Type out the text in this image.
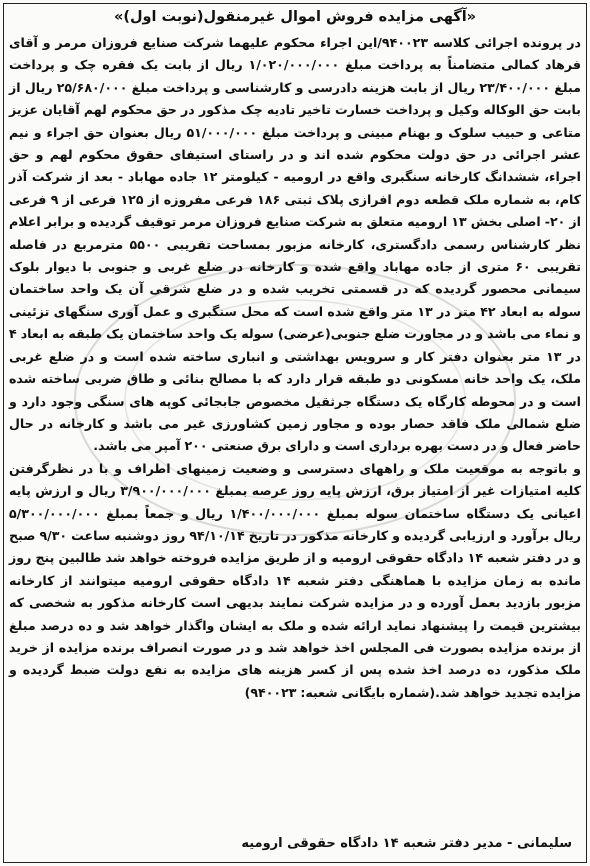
«آگهی مزایده فروش اموال غیرمنقول(نوبت اول)»

در پرونده اجرائی کلاسه ۹۴۰۰۲۳/این اجراء محکوم علیهما شرکت صنایع فروزان مرمر و آقای فرهاد کمالی متضامناً به پرداخت مبلغ ۱/۰۲۰/۰۰۰/۰۰۰ ریال از بابت یک فقره چک و پرداخت مبلغ ۲۳/۴۰۰/۰۰۰ ریال از بابت هزینه دادرسی و کارشناسی و پرداخت مبلغ ۲۵/۶۸۰/۰۰۰ ریال از بابت حق الوکاله وکیل و پرداخت خسارت تاخیر تادیه چک مذکور در حق محکوم لهم آقایان عزیز متاعی و حبیب سلوک و بهنام مبینی و پرداخت مبلغ ۵۱/۰۰۰/۰۰۰ ریال بعنوان حق اجراء و نیم عشر اجرائی در حق دولت محکوم شده اند و در راستای استیفای حقوق محکوم لهم و حق اجراء، ششدانگ کارخانه سنگبری واقع در ارومیه - کیلومتر ۱۲ جاده مهاباد - بعد از شرکت آذر کام، به شماره ملک قطعه دوم افرازی پلاک ثبتی ۱۸۶ فرعی مفروزه از ۱۲۵ فرعی از ۹ فرعی از ۲۰- اصلی بخش ۱۳ ارومیه متعلق به شرکت صنایع فروزان مرمر توقیف گردیده و برابر اعلام نظر کارشناس رسمی دادگستری، کارخانه مزبور بمساحت تقریبی ۵۵۰۰ مترمربع در فاصله تقریبی ۶۰ متری از جاده مهاباد واقع شده و کارخانه در ضلع غربی و جنوبی با دیوار بلوک سیمانی محصور گردیده که در قسمتی تخریب شده و در ضلع شرقی آن یک واحد ساختمان سوله به ابعاد ۴۲ متر در ۱۳ متر واقع شده است که محل سنگبری و عمل آوری سنگهای تزئینی و نماء می باشد و در مجاورت ضلع جنوبی(عرضی) سوله یک واحد ساختمان یک طبقه به ابعاد ۴ در ۱۳ متر بعنوان دفتر کار و سرویس بهداشتی و انباری ساخته شده است و در ضلع غربی ملک، یک واحد خانه مسکونی دو طبقه قرار دارد که با مصالح بنائی و طاق ضربی ساخته شده است و در محوطه کارگاه یک دستگاه جرثقیل مخصوص جابجائی کوپه های سنگی وجود دارد و ضلع شمالی ملک فاقد حصار بوده و مجاور زمین کشاورزی غیر می باشد و کارخانه در حال حاضر فعال و در دست بهره برداری است و دارای برق صنعتی ۲۰۰ آمپر می باشد.

و باتوجه به موقعیت ملک و راههای دسترسی و وضعیت زمینهای اطراف و با در نظرگرفتن کلیه امتیازات غیر از امتیاز برق، ارزش پایه روز عرصه بمبلغ ۳/۹۰۰/۰۰۰/۰۰۰ ریال و ارزش پایه اعیانی یک دستگاه ساختمان سوله بمبلغ ۱/۴۰۰/۰۰۰/۰۰۰ ریال و جمعاً بمبلغ ۵/۳۰۰/۰۰۰/۰۰۰ ریال برآورد و ارزیابی گردیده و کارخانه مذکور در تاریخ ۹۴/۱۰/۱۴ روز دوشنبه ساعت ۹/۳۰ صبح و در دفتر شعبه ۱۴ دادگاه حقوقی ارومیه و از طریق مزایده فروخته خواهد شد طالبین پنج روز مانده به زمان مزایده با هماهنگی دفتر شعبه ۱۴ دادگاه حقوقی ارومیه میتوانند از کارخانه مزبور بازدید بعمل آورده و در مزایده شرکت نمایند بدیهی است کارخانه مذکور به شخصی که بیشترین قیمت را پیشنهاد نماید ارائه شده و ملک به ایشان واگذار خواهد شد و ده درصد مبلغ از برنده مزایده بصورت فی المجلس اخذ خواهد شد و در صورت انصراف برنده مزایده از خرید ملک مذکور، ده درصد اخذ شده پس از کسر هزینه های مزایده به نفع دولت ضبط گردیده و مزایده تجدید خواهد شد.(شماره بایگانی شعبه: ۹۴۰۰۲۳)

سلیمانی - مدیر دفتر شعبه ۱۴ دادگاه حقوقی ارومیه
